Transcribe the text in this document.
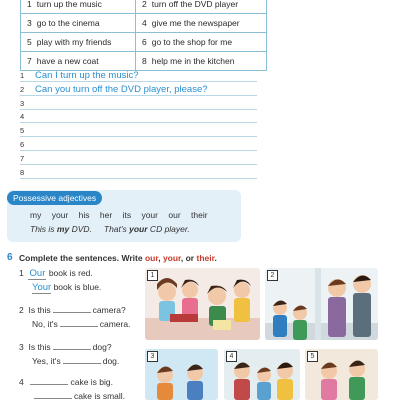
1 turn up the music	2 turn off the DVD player
3 go to the cinema	4 give me the newspaper
5 play with my friends	6 go to the shop for me
7 have a new coat	8 help me in the kitchen
1 Can I turn up the music?
2 Can you turn off the DVD player, please?
3
4
5
6
7
8
Possessive adjectives
my your his her its your our their
This is my DVD. That's your CD player.
6 Complete the sentences. Write our, your, or their.
1 Our book is red.
Your book is blue.
2 Is this	camera?
No, it's	camera.
3 Is this	dog?
Yes, it's	dog.
4	cake is big.
cake is small.
1	2
3	4	5
